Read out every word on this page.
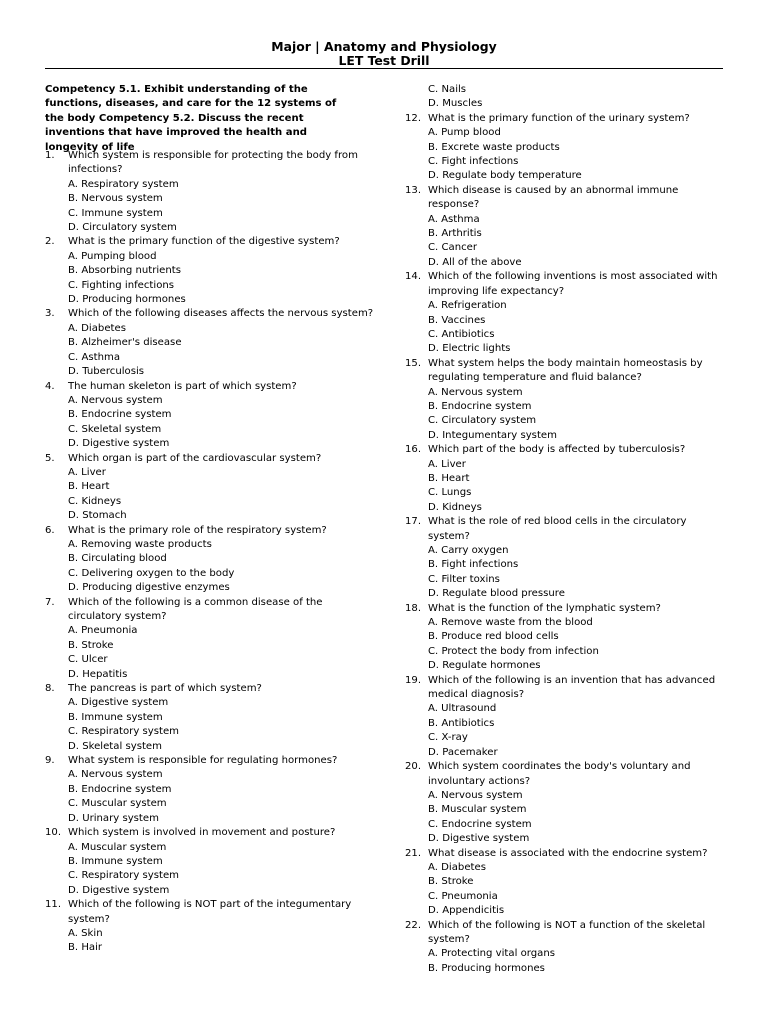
Major | Anatomy and Physiology
LET Test Drill
Competency 5.1. Exhibit understanding of the functions, diseases, and care for the 12 systems of the body Competency 5.2. Discuss the recent inventions that have improved the health and longevity of life
1.	Which system is responsible for protecting the body from infections?
A. Respiratory system
B. Nervous system
C. Immune system
D. Circulatory system
2.	What is the primary function of the digestive system?
A. Pumping blood
B. Absorbing nutrients
C. Fighting infections
D. Producing hormones
3.	Which of the following diseases affects the nervous system?
A. Diabetes
B. Alzheimer's disease
C. Asthma
D. Tuberculosis
4.	The human skeleton is part of which system?
A. Nervous system
B. Endocrine system
C. Skeletal system
D. Digestive system
5.	Which organ is part of the cardiovascular system?
A. Liver
B. Heart
C. Kidneys
D. Stomach
6.	What is the primary role of the respiratory system?
A. Removing waste products
B. Circulating blood
C. Delivering oxygen to the body
D. Producing digestive enzymes
7.	Which of the following is a common disease of the circulatory system?
A. Pneumonia
B. Stroke
C. Ulcer
D. Hepatitis
8.	The pancreas is part of which system?
A. Digestive system
B. Immune system
C. Respiratory system
D. Skeletal system
9.	What system is responsible for regulating hormones?
A. Nervous system
B. Endocrine system
C. Muscular system
D. Urinary system
10. Which system is involved in movement and posture?
A. Muscular system
B. Immune system
C. Respiratory system
D. Digestive system
11. Which of the following is NOT part of the integumentary system?
A. Skin
B. Hair
C. Nails
D. Muscles
12. What is the primary function of the urinary system?
A. Pump blood
B. Excrete waste products
C. Fight infections
D. Regulate body temperature
13. Which disease is caused by an abnormal immune response?
A. Asthma
B. Arthritis
C. Cancer
D. All of the above
14. Which of the following inventions is most associated with improving life expectancy?
A. Refrigeration
B. Vaccines
C. Antibiotics
D. Electric lights
15. What system helps the body maintain homeostasis by regulating temperature and fluid balance?
A. Nervous system
B. Endocrine system
C. Circulatory system
D. Integumentary system
16. Which part of the body is affected by tuberculosis?
A. Liver
B. Heart
C. Lungs
D. Kidneys
17. What is the role of red blood cells in the circulatory system?
A. Carry oxygen
B. Fight infections
C. Filter toxins
D. Regulate blood pressure
18. What is the function of the lymphatic system?
A. Remove waste from the blood
B. Produce red blood cells
C. Protect the body from infection
D. Regulate hormones
19. Which of the following is an invention that has advanced medical diagnosis?
A. Ultrasound
B. Antibiotics
C. X-ray
D. Pacemaker
20. Which system coordinates the body's voluntary and involuntary actions?
A. Nervous system
B. Muscular system
C. Endocrine system
D. Digestive system
21. What disease is associated with the endocrine system?
A. Diabetes
B. Stroke
C. Pneumonia
D. Appendicitis
22. Which of the following is NOT a function of the skeletal system?
A. Protecting vital organs
B. Producing hormones
